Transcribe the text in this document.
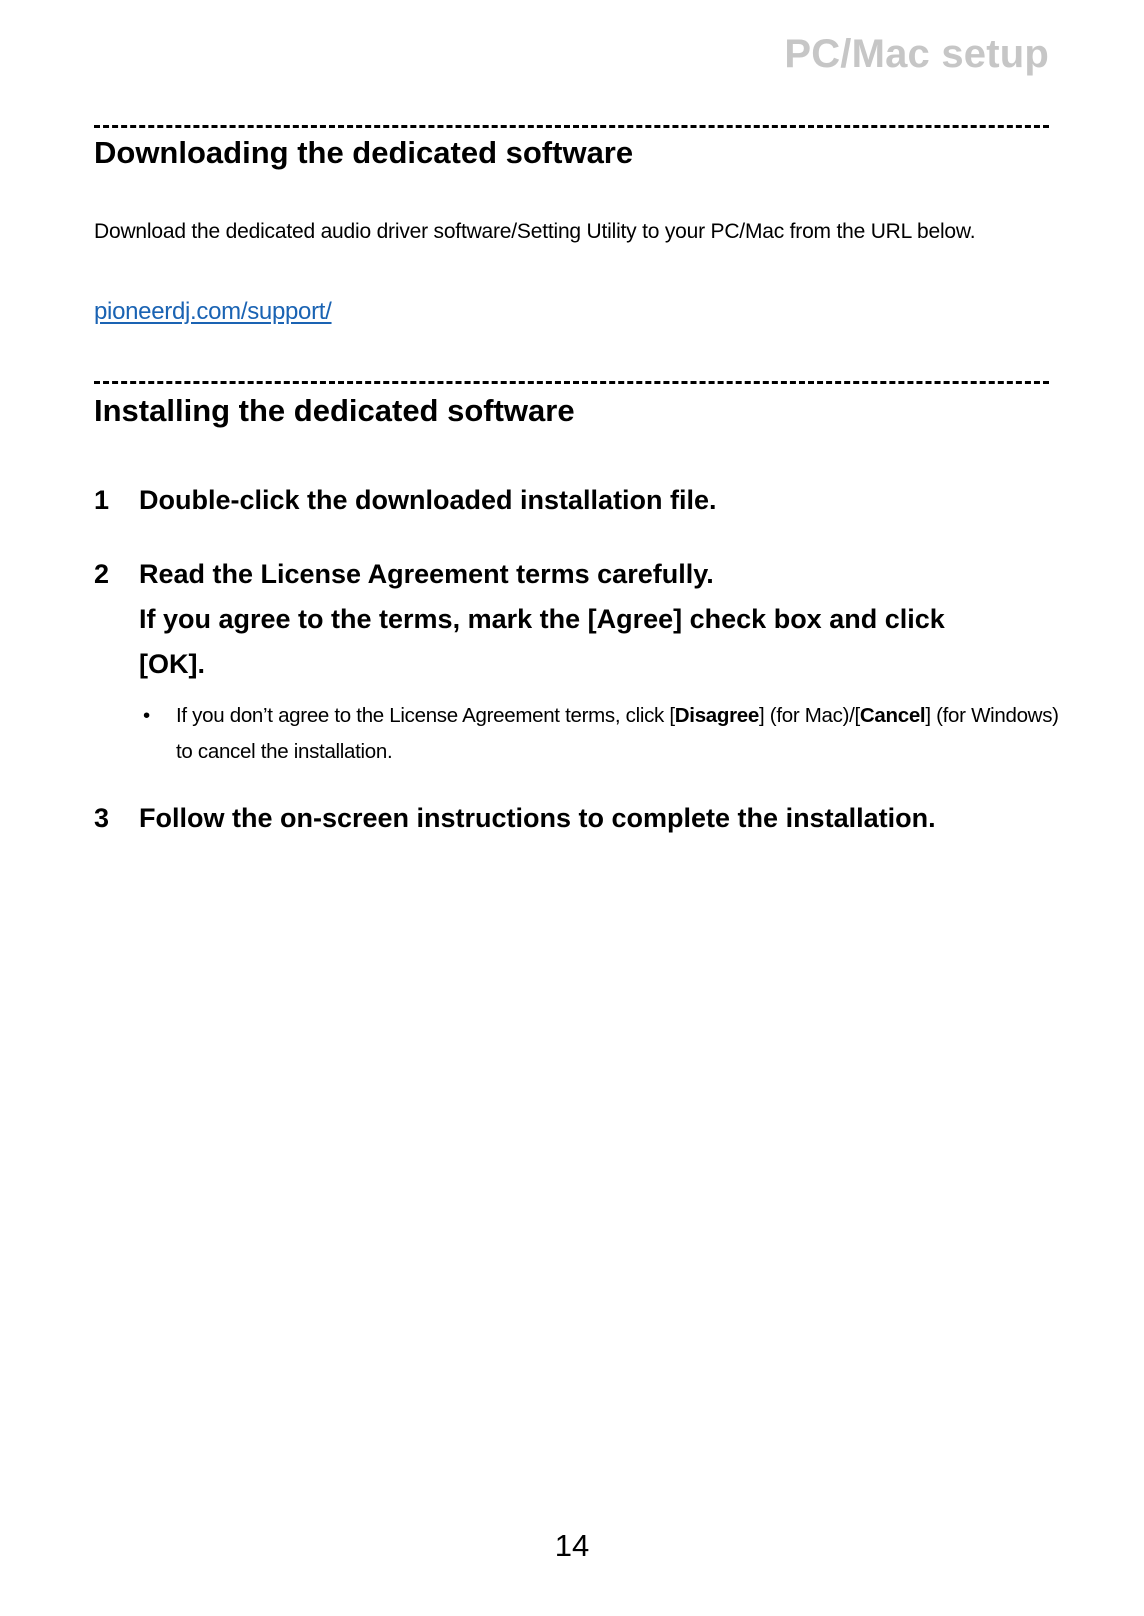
PC/Mac setup
Downloading the dedicated software

Download the dedicated audio driver software/Setting Utility to your PC/Mac from the URL below.

pioneerdj.com/support/
Installing the dedicated software
1	Double-click the downloaded installation file.
2	Read the License Agreement terms carefully.
If you agree to the terms, mark the [Agree] check box and click [OK].
•	If you don’t agree to the License Agreement terms, click [Disagree] (for Mac)/[Cancel] (for Windows) to cancel the installation.
3	Follow the on-screen instructions to complete the installation.
14
